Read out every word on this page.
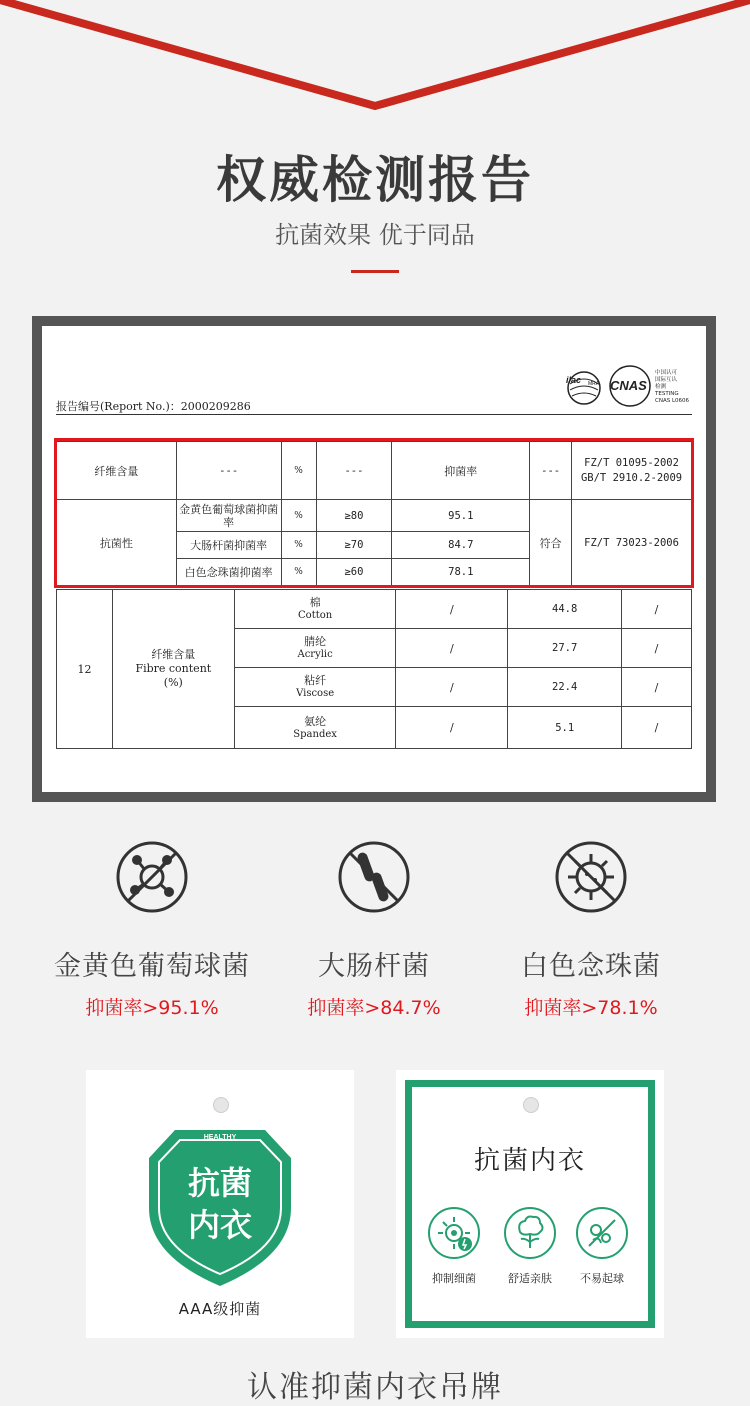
权威检测报告
抗菌效果 优于同品
报告编号(Report No.)：2000209286
ilac MRA CNAS
中国认可
国际互认
检测
TESTING
CNAS L0606
纤维含量	---	%	---	抑菌率	---	FZ/T 01095-2002
GB/T 2910.2-2009
抗菌性	金黄色葡萄球菌抑菌率	%	≥80	95.1	符合	FZ/T 73023-2006
	大肠杆菌抑菌率	%	≥70	84.7		
	白色念珠菌抑菌率	%	≥60	78.1		
12	纤维含量
Fibre content
(%)	棉
Cotton	/	44.8	/
		腈纶
Acrylic	/	27.7	/
		粘纤
Viscose	/	22.4	/
		氨纶
Spandex	/	5.1	/
金黄色葡萄球菌
抑菌率>95.1%
大肠杆菌
抑菌率>84.7%
白色念珠菌
抑菌率>78.1%
HEALTHY
抗菌
内衣
AAA级抑菌
抗菌内衣
抑制细菌	舒适亲肤	不易起球
认准抑菌内衣吊牌
